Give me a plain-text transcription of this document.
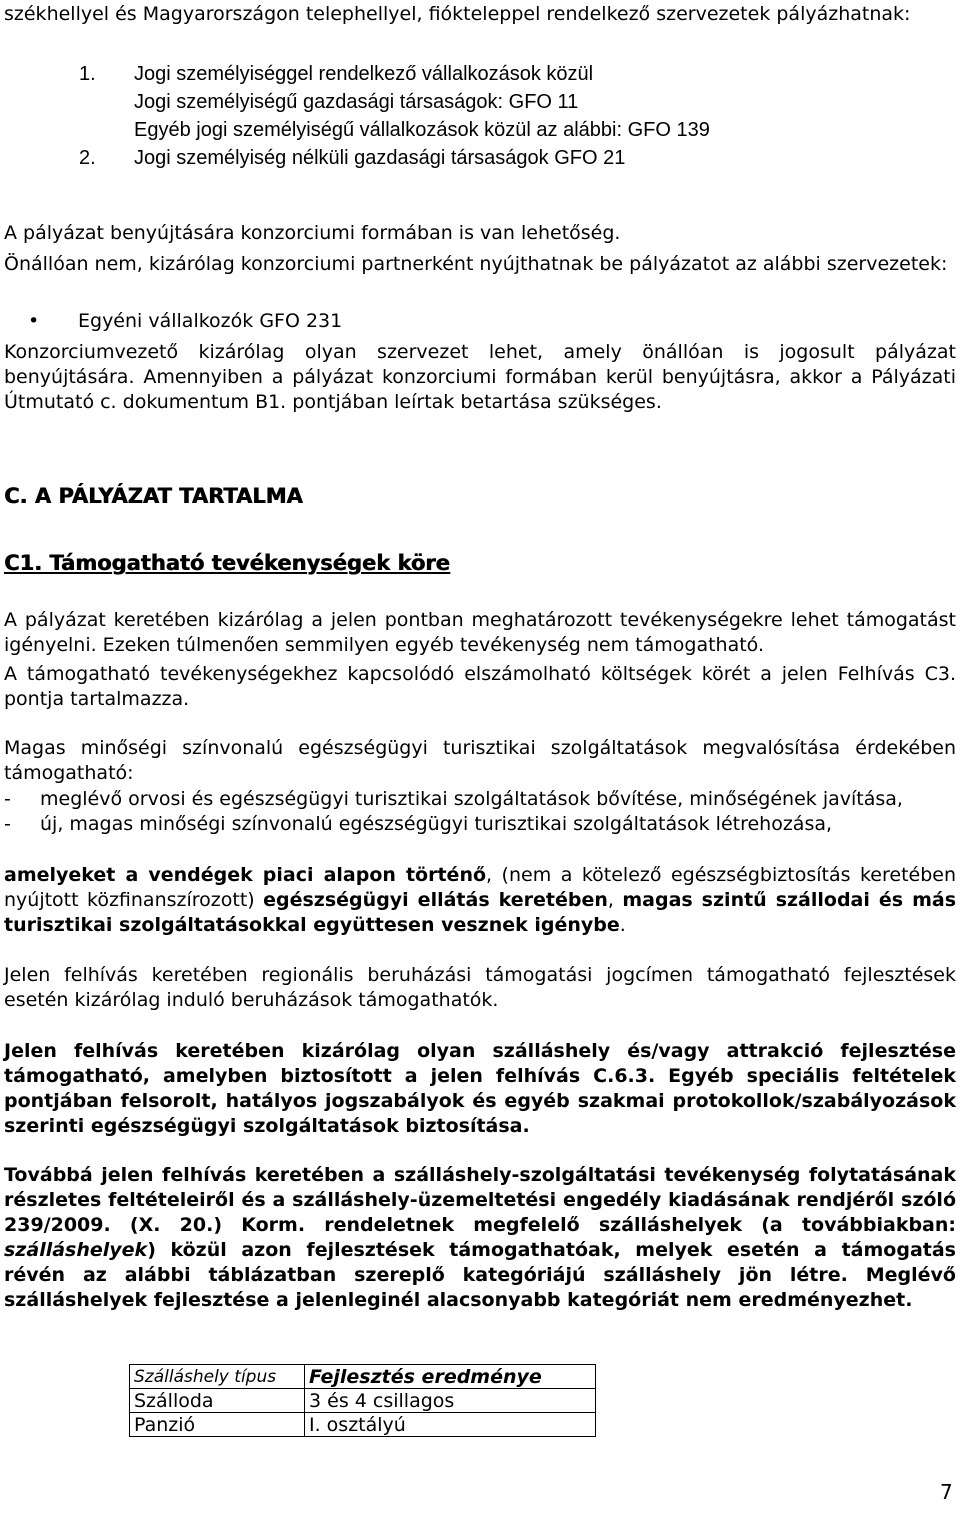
székhellyel és Magyarországon telephellyel, fiókteleppel rendelkező szervezetek pályázhatnak:

1. Jogi személyiséggel rendelkező vállalkozások közül
Jogi személyiségű gazdasági társaságok: GFO 11
Egyéb jogi személyiségű vállalkozások közül az alábbi: GFO 139
2. Jogi személyiség nélküli gazdasági társaságok GFO 21

A pályázat benyújtására konzorciumi formában is van lehetőség.

Önállóan nem, kizárólag konzorciumi partnerként nyújthatnak be pályázatot az alábbi szervezetek:

• Egyéni vállalkozók GFO 231

Konzorciumvezető kizárólag olyan szervezet lehet, amely önállóan is jogosult pályázat benyújtására. Amennyiben a pályázat konzorciumi formában kerül benyújtásra, akkor a Pályázati Útmutató c. dokumentum B1. pontjában leírtak betartása szükséges.

C. A PÁLYÁZAT TARTALMA
C1. Támogatható tevékenységek köre

A pályázat keretében kizárólag a jelen pontban meghatározott tevékenységekre lehet támogatást igényelni. Ezeken túlmenően semmilyen egyéb tevékenység nem támogatható.

A támogatható tevékenységekhez kapcsolódó elszámolható költségek körét a jelen Felhívás C3. pontja tartalmazza.

Magas minőségi színvonalú egészségügyi turisztikai szolgáltatások megvalósítása érdekében támogatható:

- meglévő orvosi és egészségügyi turisztikai szolgáltatások bővítése, minőségének javítása,

- új, magas minőségi színvonalú egészségügyi turisztikai szolgáltatások létrehozása,

amelyeket a vendégek piaci alapon történő, (nem a kötelező egészségbiztosítás keretében nyújtott közfinanszírozott) egészségügyi ellátás keretében, magas szintű szállodai és más turisztikai szolgáltatásokkal együttesen vesznek igénybe.

Jelen felhívás keretében regionális beruházási támogatási jogcímen támogatható fejlesztések esetén kizárólag induló beruházások támogathatók.

Jelen felhívás keretében kizárólag olyan szálláshely és/vagy attrakció fejlesztése támogatható, amelyben biztosított a jelen felhívás C.6.3. Egyéb speciális feltételek pontjában felsorolt, hatályos jogszabályok és egyéb szakmai protokollok/szabályozások szerinti egészségügyi szolgáltatások biztosítása.

Továbbá jelen felhívás keretében a szálláshely-szolgáltatási tevékenység folytatásának részletes feltételeiről és a szálláshely-üzemeltetési engedély kiadásának rendjéről szóló 239/2009. (X. 20.) Korm. rendeletnek megfelelő szálláshelyek (a továbbiakban: szálláshelyek) közül azon fejlesztések támogathatóak, melyek esetén a támogatás révén az alábbi táblázatban szereplő kategóriájú szálláshely jön létre. Meglévő szálláshelyek fejlesztése a jelenleginél alacsonyabb kategóriát nem eredményezhet.

Szálláshely típus	Fejlesztés eredménye
Szálloda	3 és 4 csillagos
Panzió	I. osztályú
7
